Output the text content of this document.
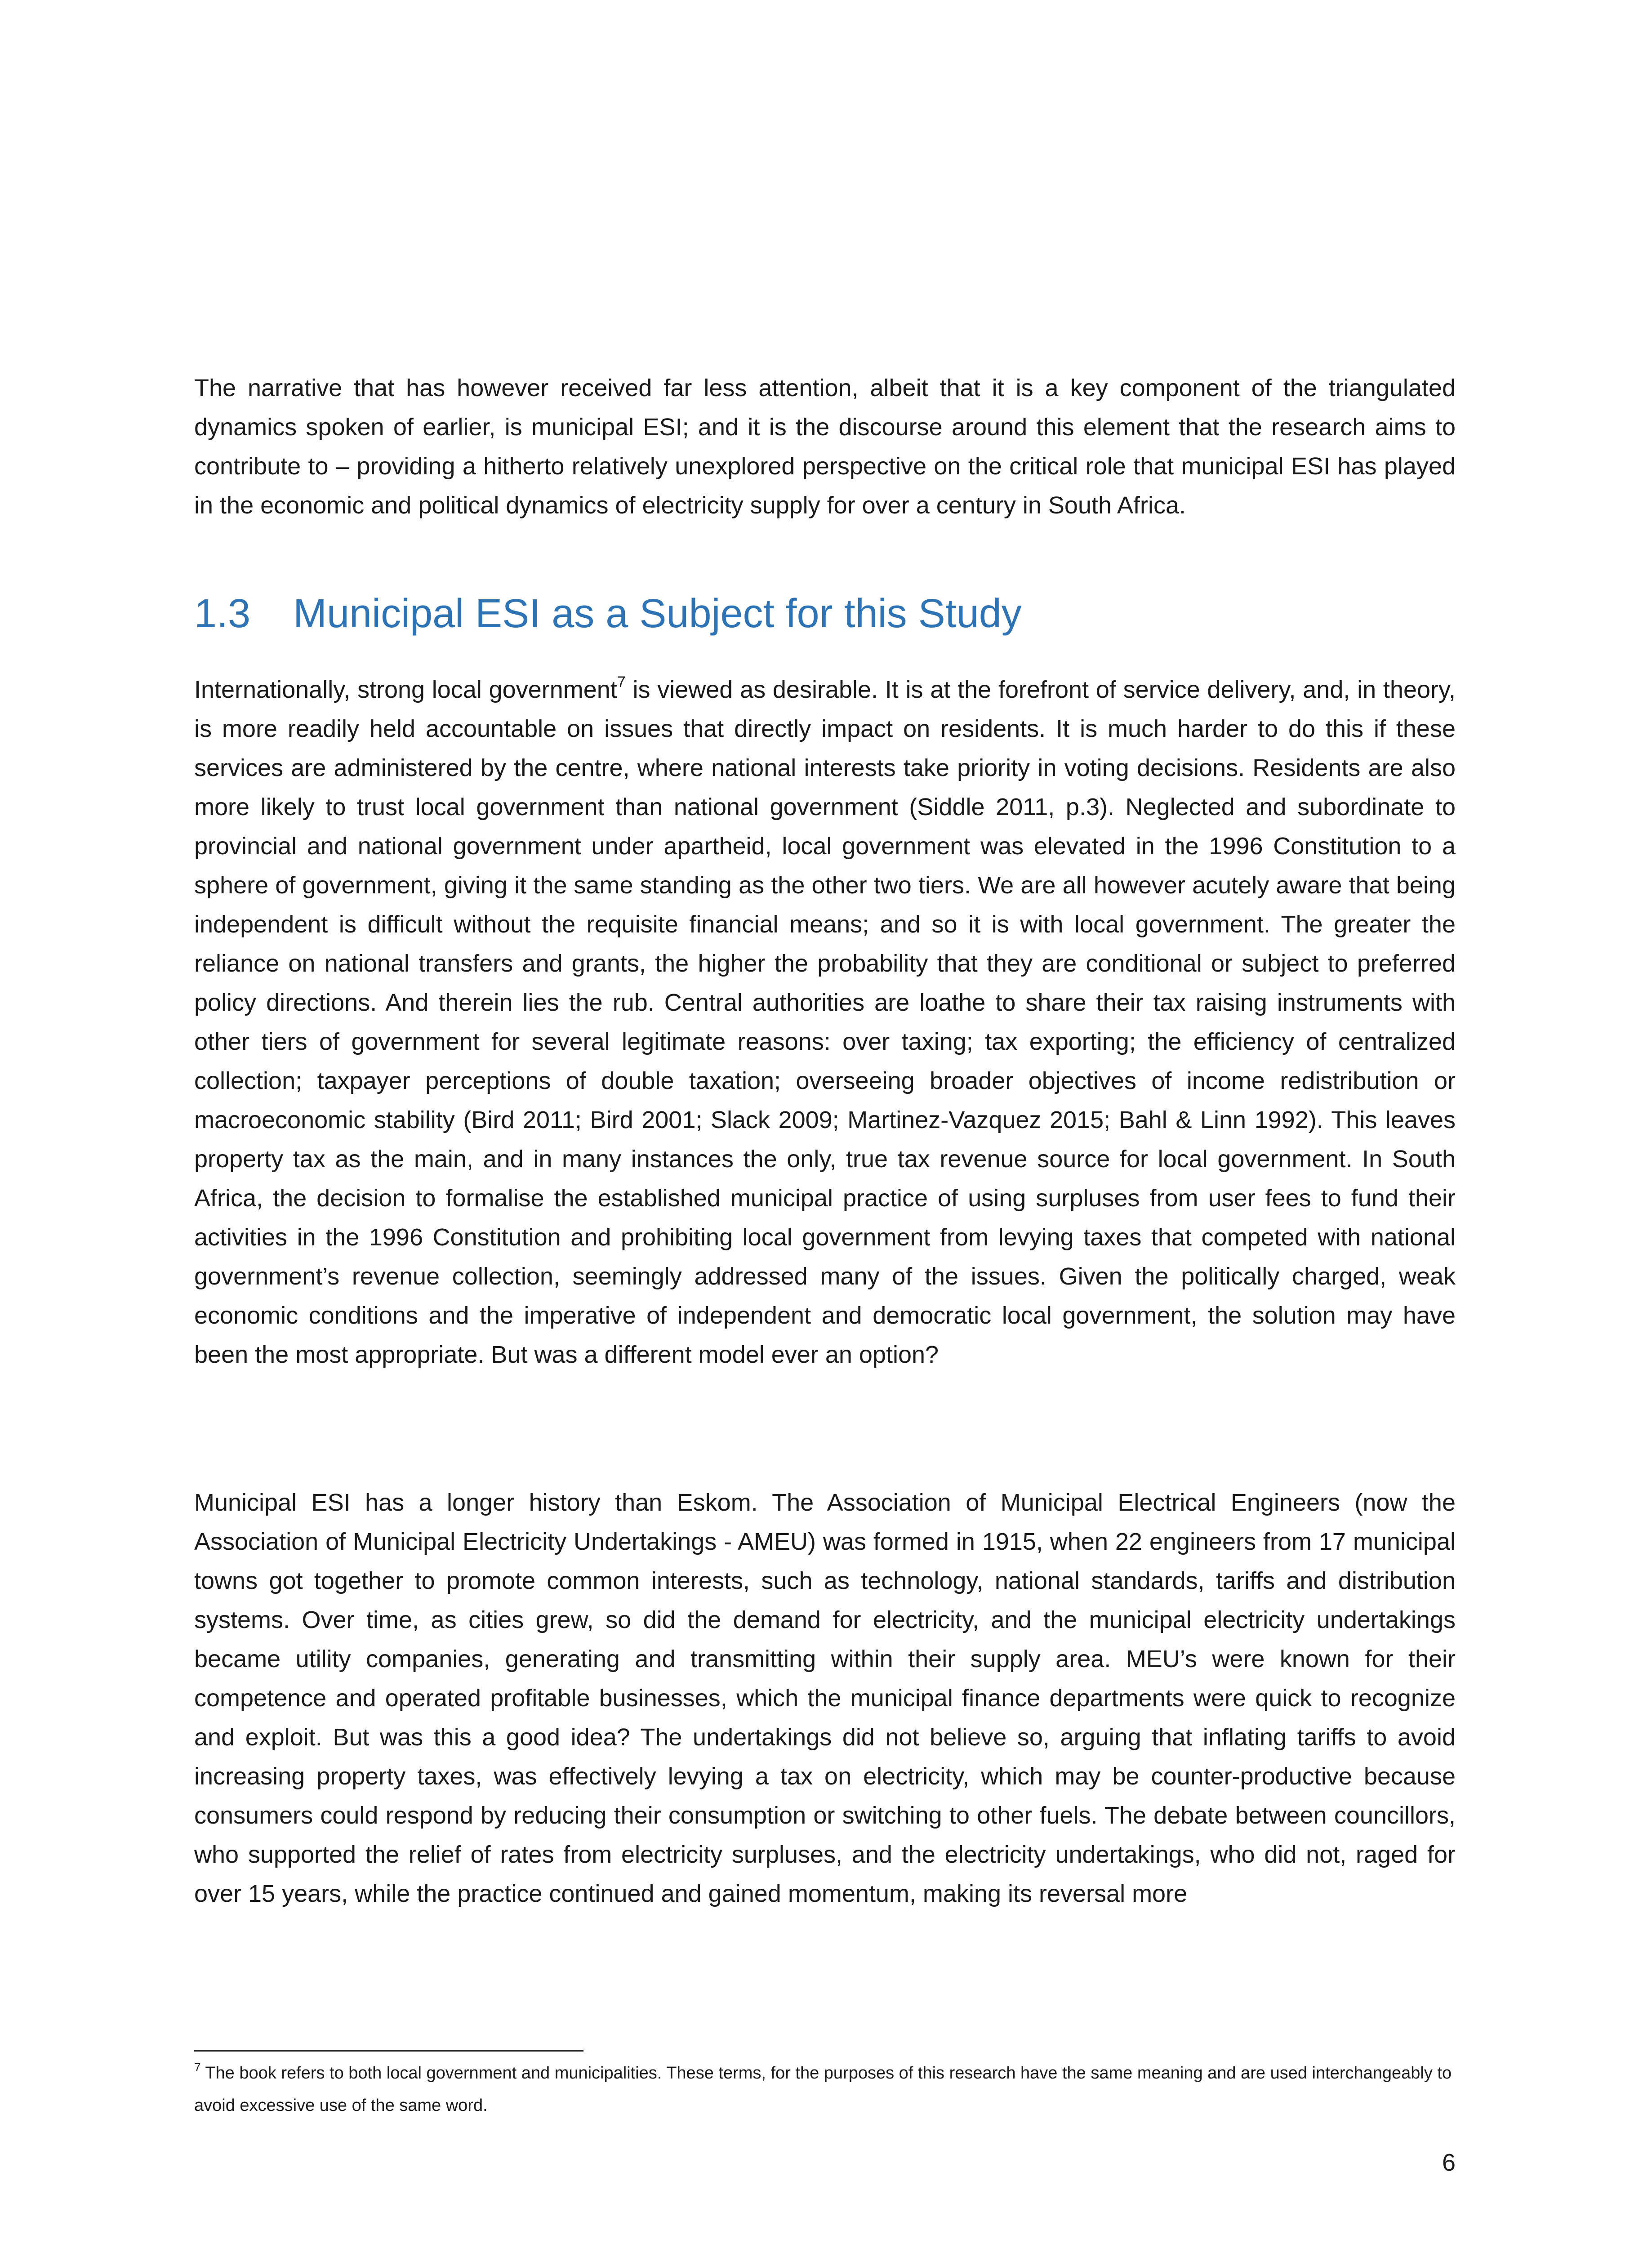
The narrative that has however received far less attention, albeit that it is a key component of the triangulated dynamics spoken of earlier, is municipal ESI; and it is the discourse around this element that the research aims to contribute to – providing a hitherto relatively unexplored perspective on the critical role that municipal ESI has played in the economic and political dynamics of electricity supply for over a century in South Africa.

1.3 Municipal ESI as a Subject for this Study

Internationally, strong local government$^7$ is viewed as desirable. It is at the forefront of service delivery, and, in theory, is more readily held accountable on issues that directly impact on residents. It is much harder to do this if these services are administered by the centre, where national interests take priority in voting decisions. Residents are also more likely to trust local government than national government (Siddle 2011, p.3). Neglected and subordinate to provincial and national government under apartheid, local government was elevated in the 1996 Constitution to a sphere of government, giving it the same standing as the other two tiers. We are all however acutely aware that being independent is difficult without the requisite financial means; and so it is with local government. The greater the reliance on national transfers and grants, the higher the probability that they are conditional or subject to preferred policy directions. And therein lies the rub. Central authorities are loathe to share their tax raising instruments with other tiers of government for several legitimate reasons: over taxing; tax exporting; the efficiency of centralized collection; taxpayer perceptions of double taxation; overseeing broader objectives of income redistribution or macroeconomic stability (Bird 2011; Bird 2001; Slack 2009; Martinez-Vazquez 2015; Bahl & Linn 1992). This leaves property tax as the main, and in many instances the only, true tax revenue source for local government. In South Africa, the decision to formalise the established municipal practice of using surpluses from user fees to fund their activities in the 1996 Constitution and prohibiting local government from levying taxes that competed with national government’s revenue collection, seemingly addressed many of the issues. Given the politically charged, weak economic conditions and the imperative of independent and democratic local government, the solution may have been the most appropriate. But was a different model ever an option?

Municipal ESI has a longer history than Eskom. The Association of Municipal Electrical Engineers (now the Association of Municipal Electricity Undertakings - AMEU) was formed in 1915, when 22 engineers from 17 municipal towns got together to promote common interests, such as technology, national standards, tariffs and distribution systems. Over time, as cities grew, so did the demand for electricity, and the municipal electricity undertakings became utility companies, generating and transmitting within their supply area. MEU’s were known for their competence and operated profitable businesses, which the municipal finance departments were quick to recognize and exploit. But was this a good idea? The undertakings did not believe so, arguing that inflating tariffs to avoid increasing property taxes, was effectively levying a tax on electricity, which may be counter-productive because consumers could respond by reducing their consumption or switching to other fuels. The debate between councillors, who supported the relief of rates from electricity surpluses, and the electricity undertakings, who did not, raged for over 15 years, while the practice continued and gained momentum, making its reversal more

$^7$ The book refers to both local government and municipalities. These terms, for the purposes of this research have the same meaning and are used interchangeably to avoid excessive use of the same word.

6
